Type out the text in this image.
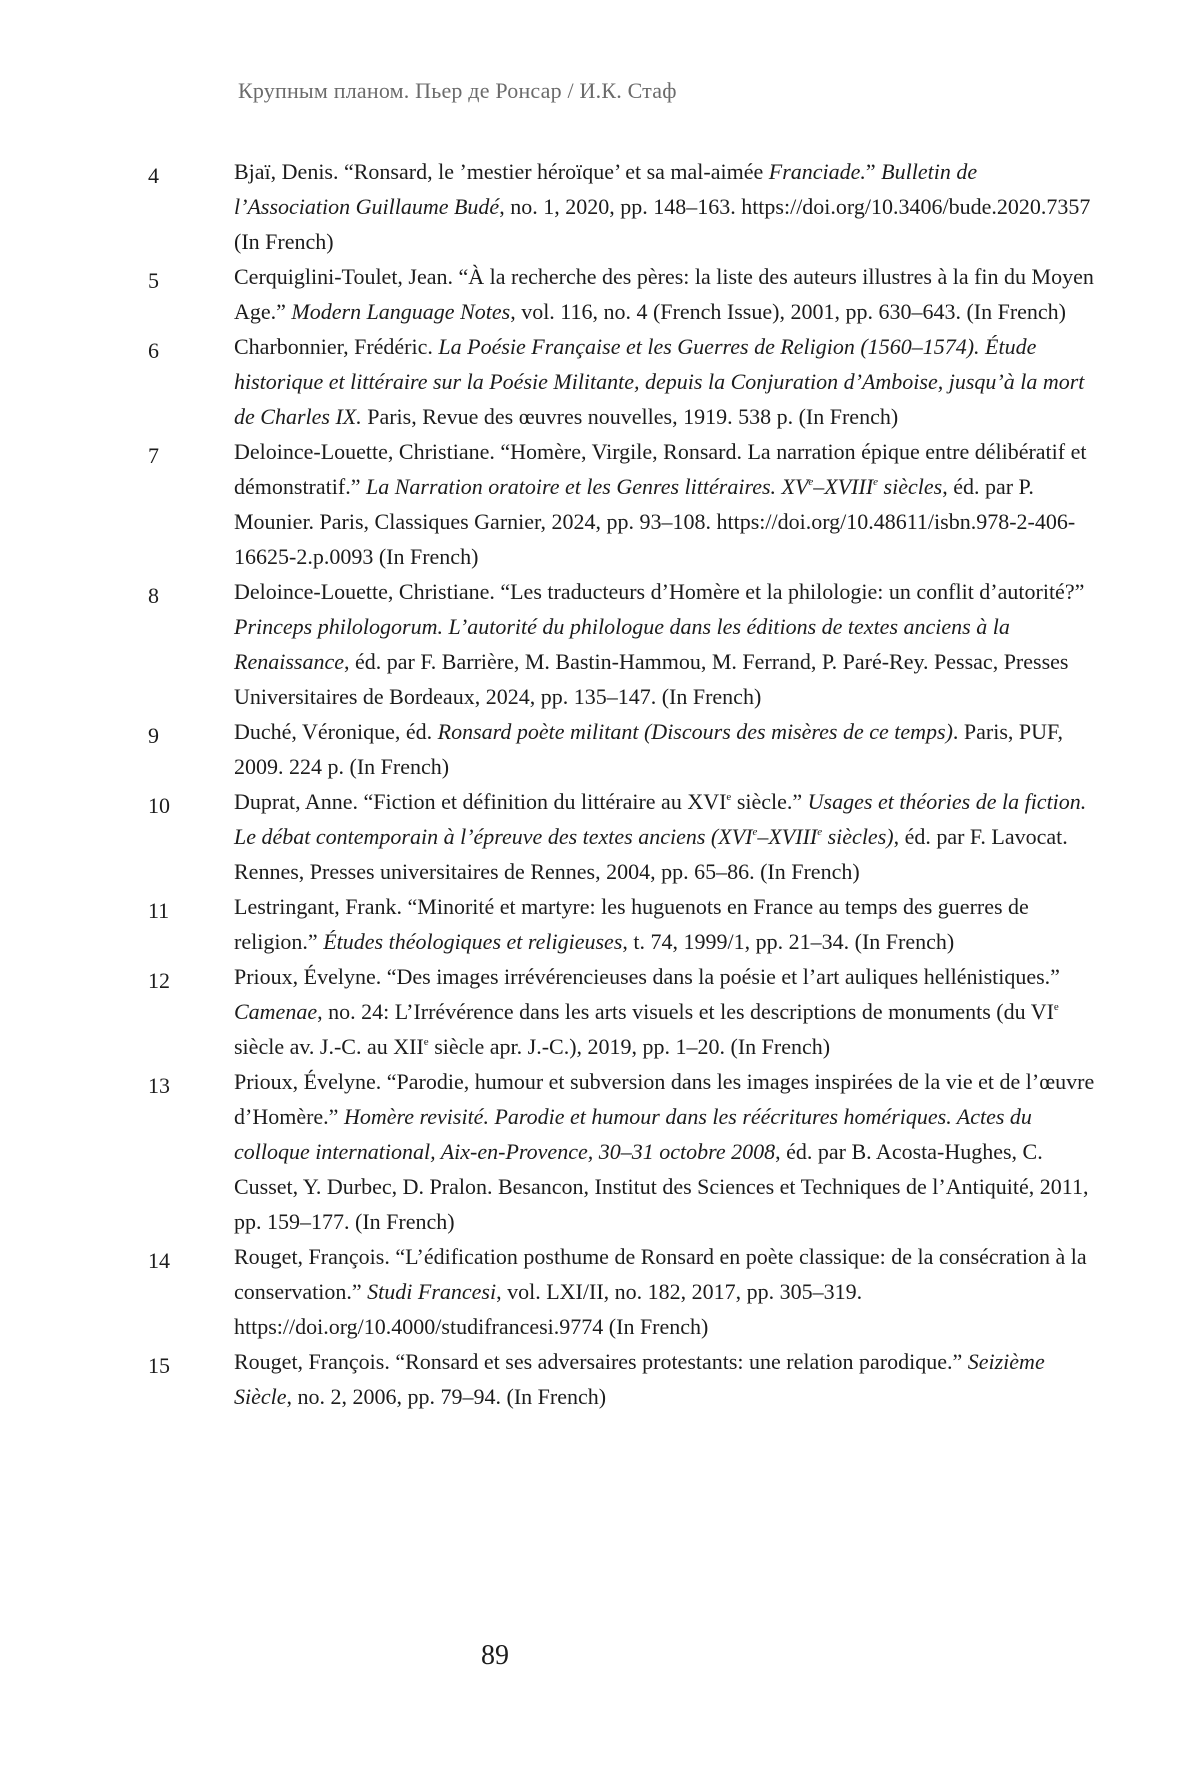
Крупным планом. Пьер де Ронсар / И.К. Стаф
4	Bjaï, Denis. “Ronsard, le ’mestier héroïque’ et sa mal-aimée Franciade.” Bulletin de l’Association Guillaume Budé, no. 1, 2020, pp. 148–163. https://doi.org/10.3406/bude.2020.7357 (In French)
5	Cerquiglini-Toulet, Jean. “À la recherche des pères: la liste des auteurs illustres à la fin du Moyen Age.” Modern Language Notes, vol. 116, no. 4 (French Issue), 2001, pp. 630–643. (In French)
6	Charbonnier, Frédéric. La Poésie Française et les Guerres de Religion (1560–1574). Étude historique et littéraire sur la Poésie Militante, depuis la Conjuration d’Amboise, jusqu’à la mort de Charles IX. Paris, Revue des œuvres nouvelles, 1919. 538 p. (In French)
7	Deloince-Louette, Christiane. “Homère, Virgile, Ronsard. La narration épique entre délibératif et démonstratif.” La Narration oratoire et les Genres littéraires. XVe–XVIIIe siècles, éd. par P. Mounier. Paris, Classiques Garnier, 2024, pp. 93–108. https://doi.org/10.48611/isbn.978-2-406-16625-2.p.0093 (In French)
8	Deloince-Louette, Christiane. “Les traducteurs d’Homère et la philologie: un conflit d’autorité?” Princeps philologorum. L’autorité du philologue dans les éditions de textes anciens à la Renaissance, éd. par F. Barrière, M. Bastin-Hammou, M. Ferrand, P. Paré-Rey. Pessac, Presses Universitaires de Bordeaux, 2024, pp. 135–147. (In French)
9	Duché, Véronique, éd. Ronsard poète militant (Discours des misères de ce temps). Paris, PUF, 2009. 224 p. (In French)
10	Duprat, Anne. “Fiction et définition du littéraire au XVIe siècle.” Usages et théories de la fiction. Le débat contemporain à l’épreuve des textes anciens (XVIe–XVIIIe siècles), éd. par F. Lavocat. Rennes, Presses universitaires de Rennes, 2004, pp. 65–86. (In French)
11	Lestringant, Frank. “Minorité et martyre: les huguenots en France au temps des guerres de religion.” Études théologiques et religieuses, t. 74, 1999/1, pp. 21–34. (In French)
12	Prioux, Évelyne. “Des images irrévérencieuses dans la poésie et l’art auliques hellénistiques.” Camenae, no. 24: L’Irrévérence dans les arts visuels et les descriptions de monuments (du VIe siècle av. J.-C. au XIIe siècle apr. J.-C.), 2019, pp. 1–20. (In French)
13	Prioux, Évelyne. “Parodie, humour et subversion dans les images inspirées de la vie et de l’œuvre d’Homère.” Homère revisité. Parodie et humour dans les réécritures homériques. Actes du colloque international, Aix-en-Provence, 30–31 octobre 2008, éd. par B. Acosta-Hughes, C. Cusset, Y. Durbec, D. Pralon. Besancon, Institut des Sciences et Techniques de l’Antiquité, 2011, pp. 159–177. (In French)
14	Rouget, François. “L’édification posthume de Ronsard en poète classique: de la consécration à la conservation.” Studi Francesi, vol. LXI/II, no. 182, 2017, pp. 305–319. https://doi.org/10.4000/studifrancesi.9774 (In French)
15	Rouget, François. “Ronsard et ses adversaires protestants: une relation parodique.” Seizième Siècle, no. 2, 2006, pp. 79–94. (In French)
89
